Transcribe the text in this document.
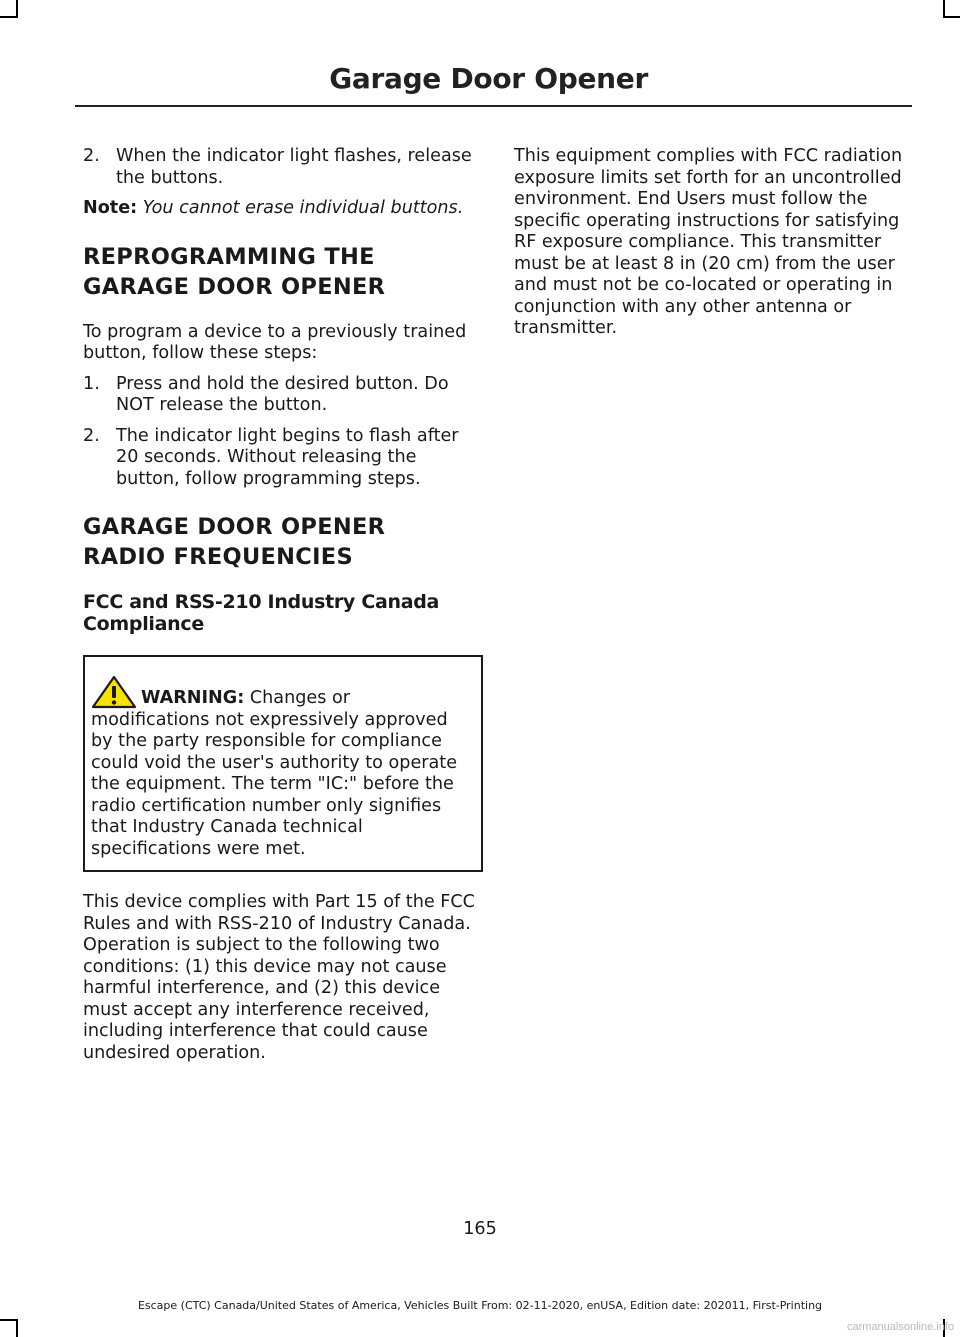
Garage Door Opener
2. When the indicator light flashes, release the buttons.
Note: You cannot erase individual buttons.
REPROGRAMMING THE
GARAGE DOOR OPENER
To program a device to a previously trained button, follow these steps:
1. Press and hold the desired button. Do NOT release the button.
2. The indicator light begins to flash after 20 seconds. Without releasing the button, follow programming steps.
GARAGE DOOR OPENER
RADIO FREQUENCIES
FCC and RSS-210 Industry Canada Compliance
WARNING: Changes or modifications not expressively approved by the party responsible for compliance could void the user's authority to operate the equipment. The term "IC:" before the radio certification number only signifies that Industry Canada technical specifications were met.
This device complies with Part 15 of the FCC Rules and with RSS-210 of Industry Canada. Operation is subject to the following two conditions: (1) this device may not cause harmful interference, and (2) this device must accept any interference received, including interference that could cause undesired operation.
This equipment complies with FCC radiation exposure limits set forth for an uncontrolled environment. End Users must follow the specific operating instructions for satisfying RF exposure compliance. This transmitter must be at least 8 in (20 cm) from the user and must not be co-located or operating in conjunction with any other antenna or transmitter.
165
Escape (CTC) Canada/United States of America, Vehicles Built From: 02-11-2020, enUSA, Edition date: 202011, First-Printing
carmanualsonline.info
